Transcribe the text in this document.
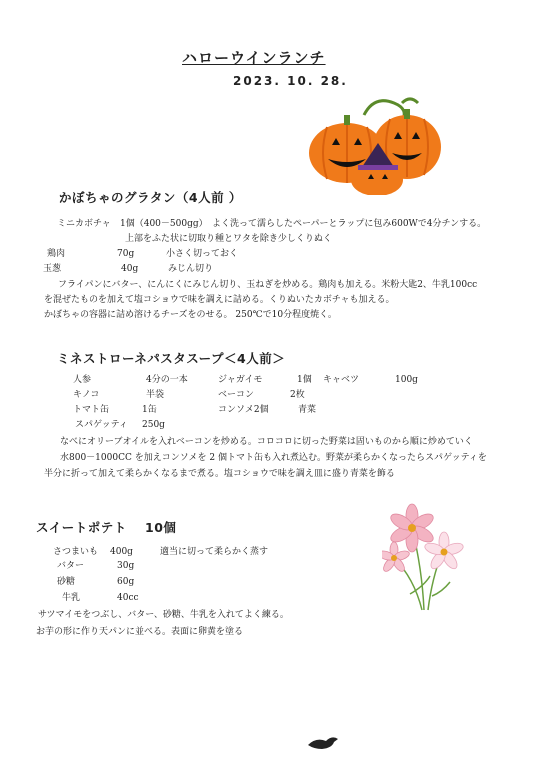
ハローウインランチ
2023. 10. 28.
かぼちゃのグラタン（4人前 ）
ミニカボチャ 1個（400－500gg） よく洗って濡らしたペーパーとラップに包み600Wで4分チンする。
上部をふた状に切取り種とワタを除き少しくりぬく
鶏肉	70g	小さく切っておく
玉葱	40g	みじん切り
フライパンにバター、にんにくにみじん切り、玉ねぎを炒める。鶏肉も加える。米粉大匙2、牛乳100cc
を混ぜたものを加えて塩コショウで味を調えに詰める。くりぬいたカボチャも加える。
かぼちゃの容器に詰め溶けるチーズをのせる。 250℃で10分程度焼く。
ミネストローネパスタスープ＜4人前＞
人参	4分の一本	ジャガイモ	1個 キャベツ	100g
キノコ	半袋	ベーコン	2枚
トマト缶	1缶	コンソメ2個	青菜
スパゲッティ 250g
なべにオリーブオイルを入れベーコンを炒める。コロコロに切った野菜は固いものから順に炒めていく
水800－1000CC を加えコンソメを 2 個トマト缶も入れ煮込む。野菜が柔らかくなったらスパゲッティを
半分に折って加えて柔らかくなるまで煮る。塩コショウで味を調え皿に盛り青菜を飾る
スイートポテト 10個
さつまいも 400g	適当に切って柔らかく蒸す
バター	30g
砂糖	60g
牛乳	40cc
サツマイモをつぶし、バター、砂糖、牛乳を入れてよく練る。
お芋の形に作り天パンに並べる。表面に卵黄を塗る
